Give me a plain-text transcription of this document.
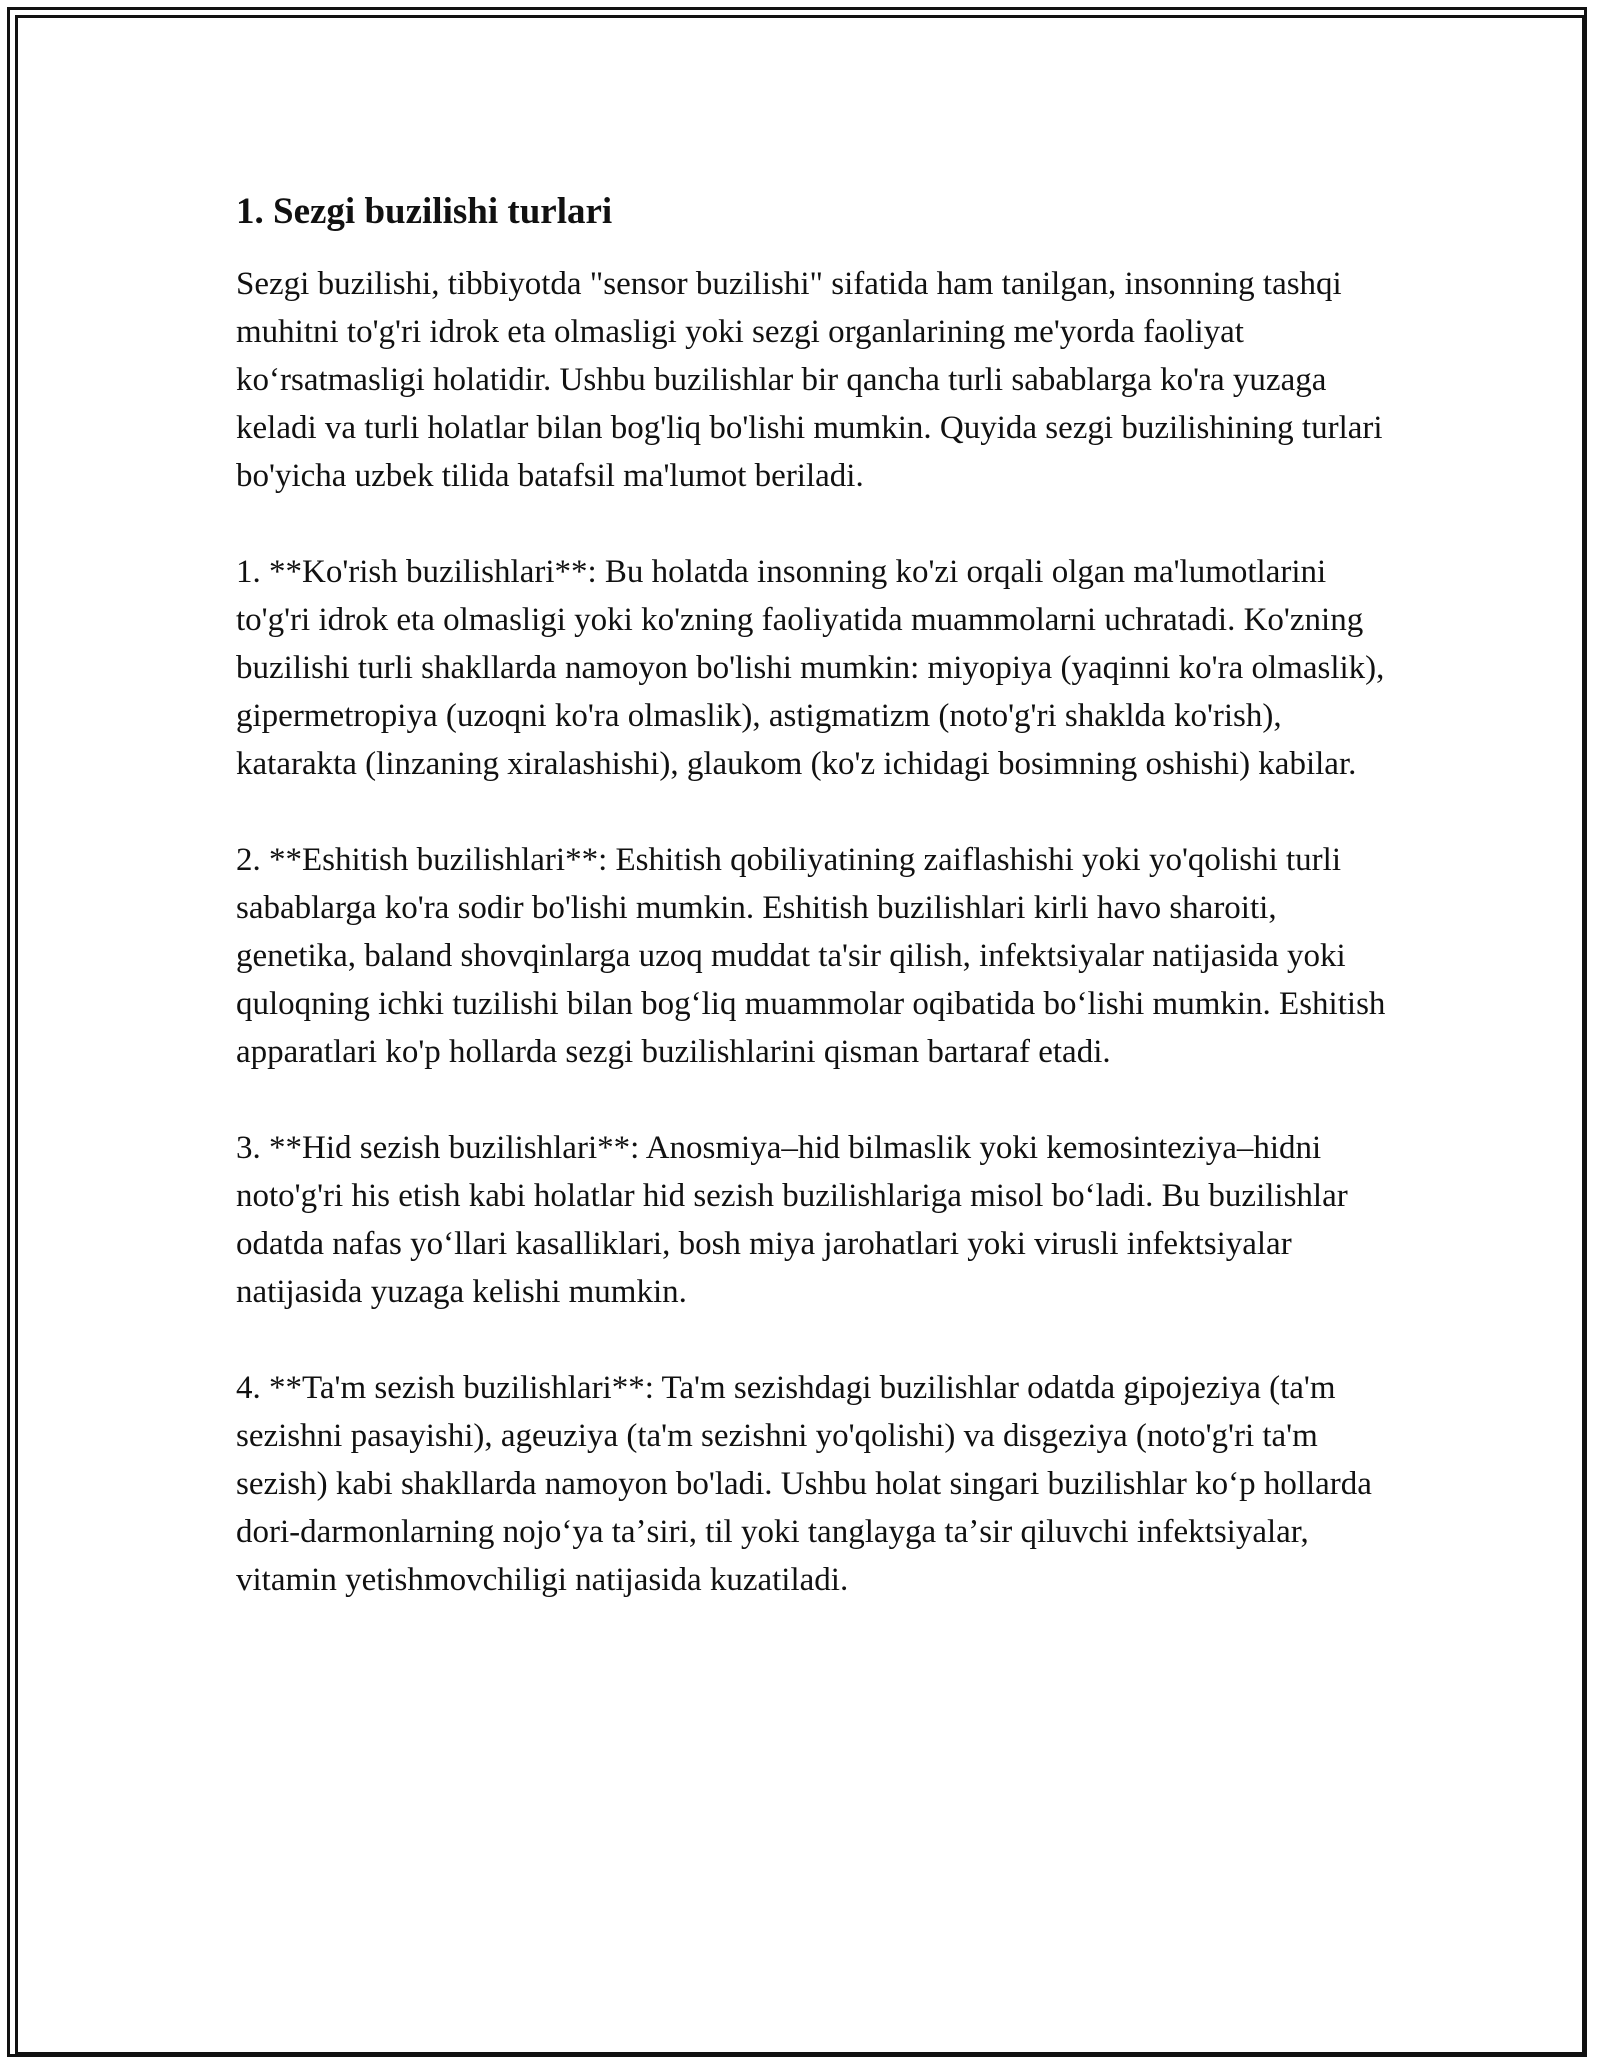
1. Sezgi buzilishi turlari

Sezgi buzilishi, tibbiyotda "sensor buzilishi" sifatida ham tanilgan, insonning tashqi muhitni to'g'ri idrok eta olmasligi yoki sezgi organlarining me'yorda faoliyat koʻrsatmasligi holatidir. Ushbu buzilishlar bir qancha turli sabablarga ko'ra yuzaga keladi va turli holatlar bilan bog'liq bo'lishi mumkin. Quyida sezgi buzilishining turlari bo'yicha uzbek tilida batafsil ma'lumot beriladi.

1. **Ko'rish buzilishlari**: Bu holatda insonning ko'zi orqali olgan ma'lumotlarini to'g'ri idrok eta olmasligi yoki ko'zning faoliyatida muammolarni uchratadi. Ko'zning buzilishi turli shakllarda namoyon bo'lishi mumkin: miyopiya (yaqinni ko'ra olmaslik), gipermetropiya (uzoqni ko'ra olmaslik), astigmatizm (noto'g'ri shaklda ko'rish), katarakta (linzaning xiralashishi), glaukom (ko'z ichidagi bosimning oshishi) kabilar.

2. **Eshitish buzilishlari**: Eshitish qobiliyatining zaiflashishi yoki yo'qolishi turli sabablarga ko'ra sodir bo'lishi mumkin. Eshitish buzilishlari kirli havo sharoiti, genetika, baland shovqinlarga uzoq muddat ta'sir qilish, infektsiyalar natijasida yoki quloqning ichki tuzilishi bilan bogʻliq muammolar oqibatida boʻlishi mumkin. Eshitish apparatlari ko'p hollarda sezgi buzilishlarini qisman bartaraf etadi.

3. **Hid sezish buzilishlari**: Anosmiya–hid bilmaslik yoki kemosinteziya–hidni noto'g'ri his etish kabi holatlar hid sezish buzilishlariga misol boʻladi. Bu buzilishlar odatda nafas yoʻllari kasalliklari, bosh miya jarohatlari yoki virusli infektsiyalar natijasida yuzaga kelishi mumkin.

4. **Ta'm sezish buzilishlari**: Ta'm sezishdagi buzilishlar odatda gipojeziya (ta'm sezishni pasayishi), ageuziya (ta'm sezishni yo'qolishi) va disgeziya (noto'g'ri ta'm sezish) kabi shakllarda namoyon bo'ladi. Ushbu holat singari buzilishlar koʻp hollarda dori-darmonlarning nojoʻya taʼsiri, til yoki tanglayga taʼsir qiluvchi infektsiyalar, vitamin yetishmovchiligi natijasida kuzatiladi.
